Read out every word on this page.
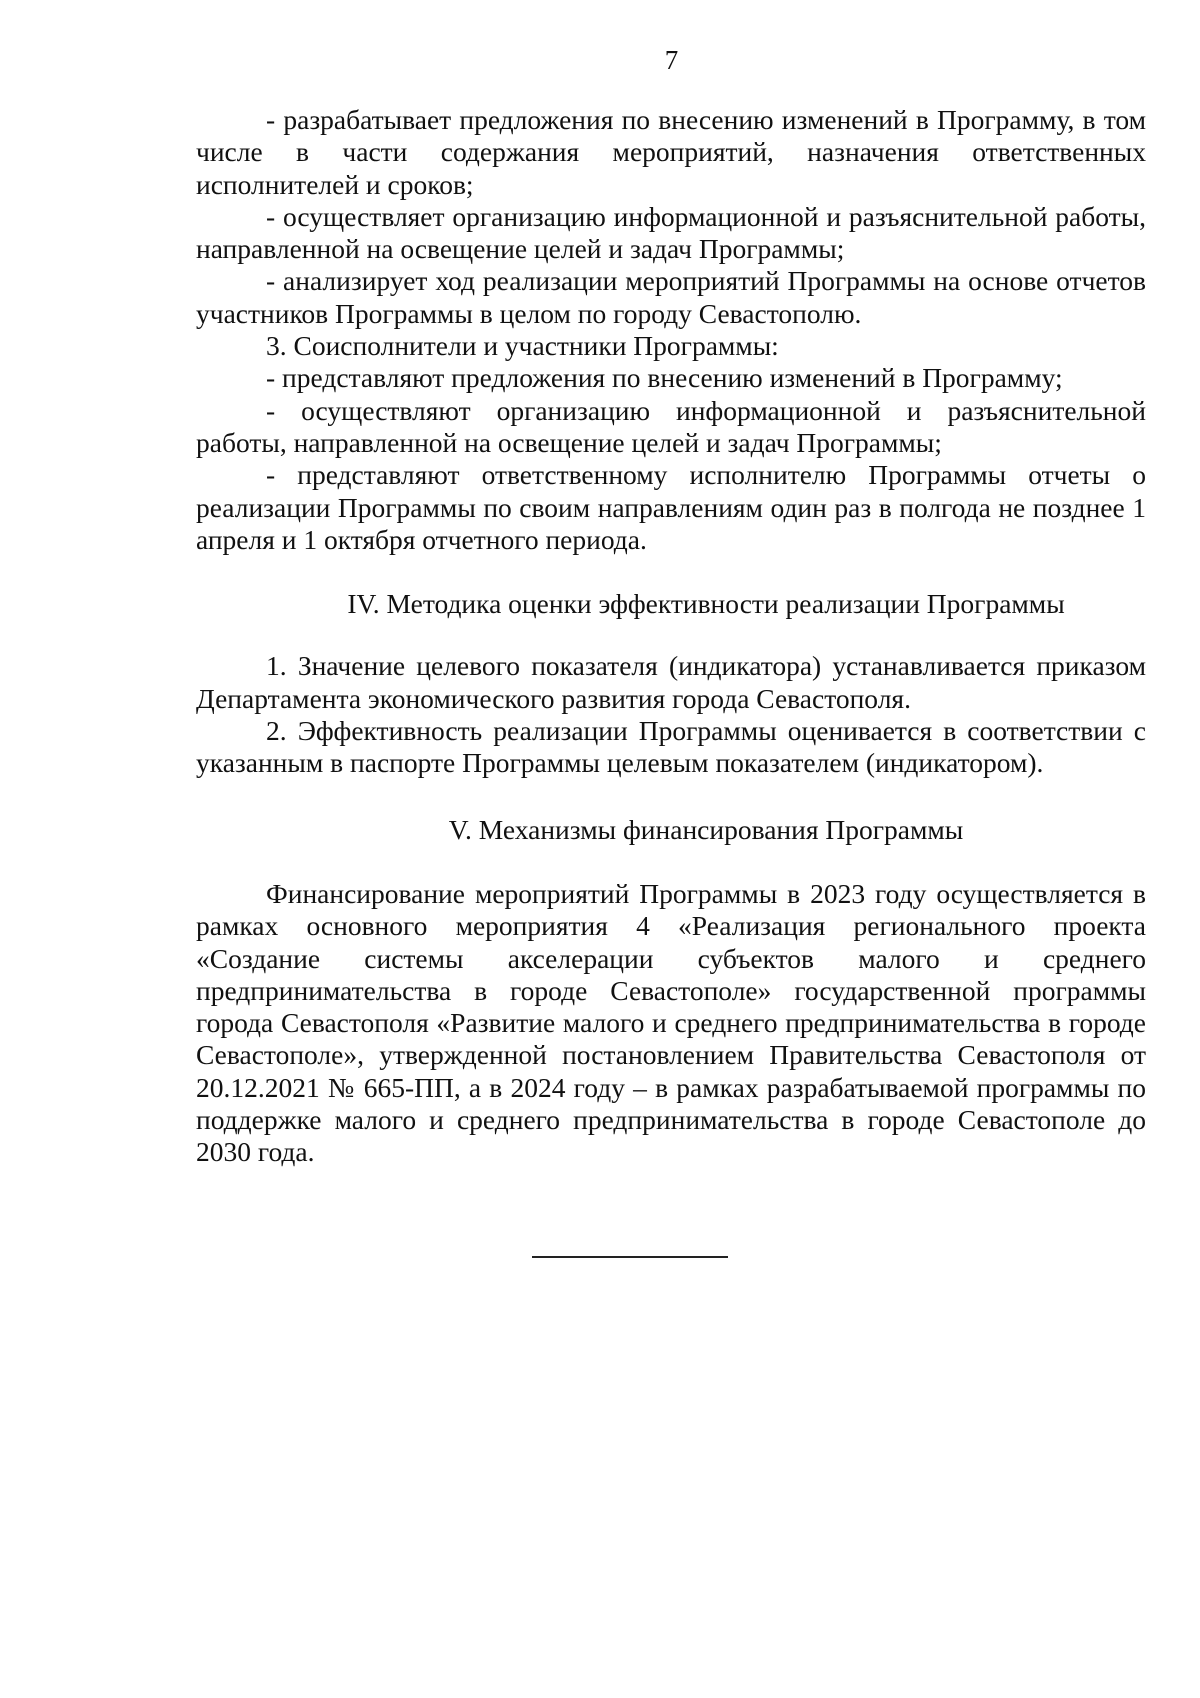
7

- разрабатывает предложения по внесению изменений в Программу, в том числе в части содержания мероприятий, назначения ответственных исполнителей и сроков;

- осуществляет организацию информационной и разъяснительной работы, направленной на освещение целей и задач Программы;

- анализирует ход реализации мероприятий Программы на основе отчетов участников Программы в целом по городу Севастополю.

3. Соисполнители и участники Программы:

- представляют предложения по внесению изменений в Программу;

- осуществляют организацию информационной и разъяснительной работы, направленной на освещение целей и задач Программы;

- представляют ответственному исполнителю Программы отчеты о реализации Программы по своим направлениям один раз в полгода не позднее 1 апреля и 1 октября отчетного периода.

IV. Методика оценки эффективности реализации Программы

1. Значение целевого показателя (индикатора) устанавливается приказом Департамента экономического развития города Севастополя.

2. Эффективность реализации Программы оценивается в соответствии с указанным в паспорте Программы целевым показателем (индикатором).

V. Механизмы финансирования Программы

Финансирование мероприятий Программы в 2023 году осуществляется в рамках основного мероприятия 4 «Реализация регионального проекта «Создание системы акселерации субъектов малого и среднего предпринимательства в городе Севастополе» государственной программы города Севастополя «Развитие малого и среднего предпринимательства в городе Севастополе», утвержденной постановлением Правительства Севастополя от 20.12.2021 № 665-ПП, а в 2024 году – в рамках разрабатываемой программы по поддержке малого и среднего предпринимательства в городе Севастополе до 2030 года.
